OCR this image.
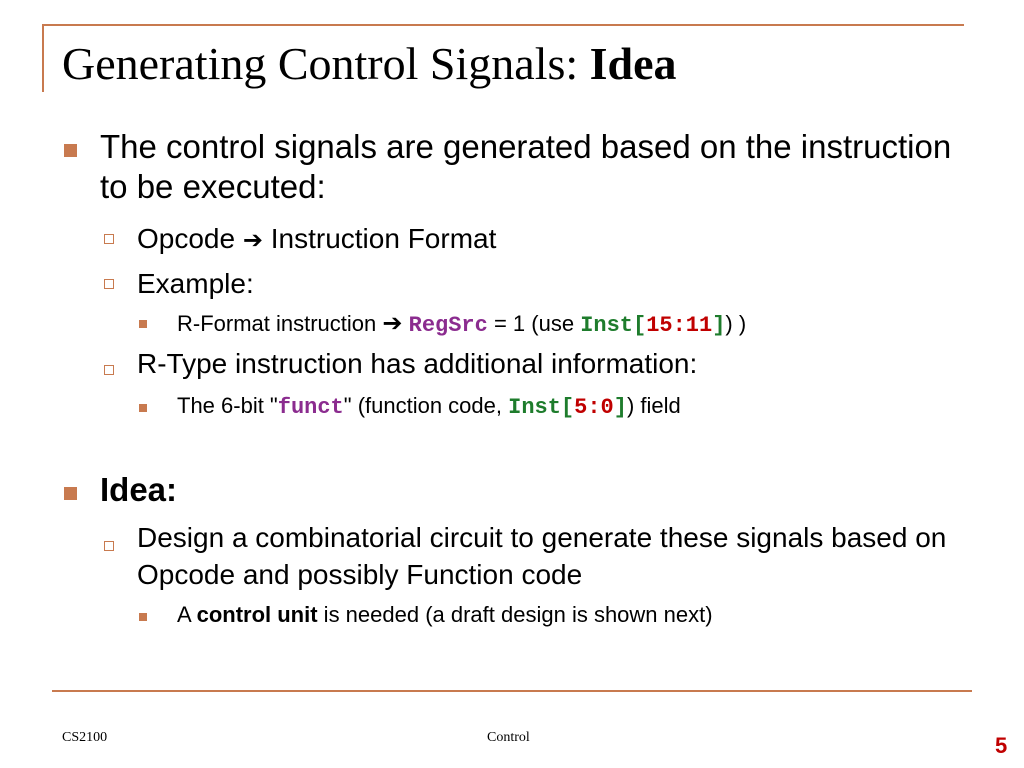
Generating Control Signals: Idea
The control signals are generated based on the instruction to be executed:
Opcode ➔ Instruction Format
Example:
R-Format instruction ➔ RegSrc = 1 (use Inst[15:11]) )
R-Type instruction has additional information:
The 6-bit "funct" (function code, Inst[5:0]) field
Idea:
Design a combinatorial circuit to generate these signals based on Opcode and possibly Function code
A control unit is needed (a draft design is shown next)
CS2100	Control	5
